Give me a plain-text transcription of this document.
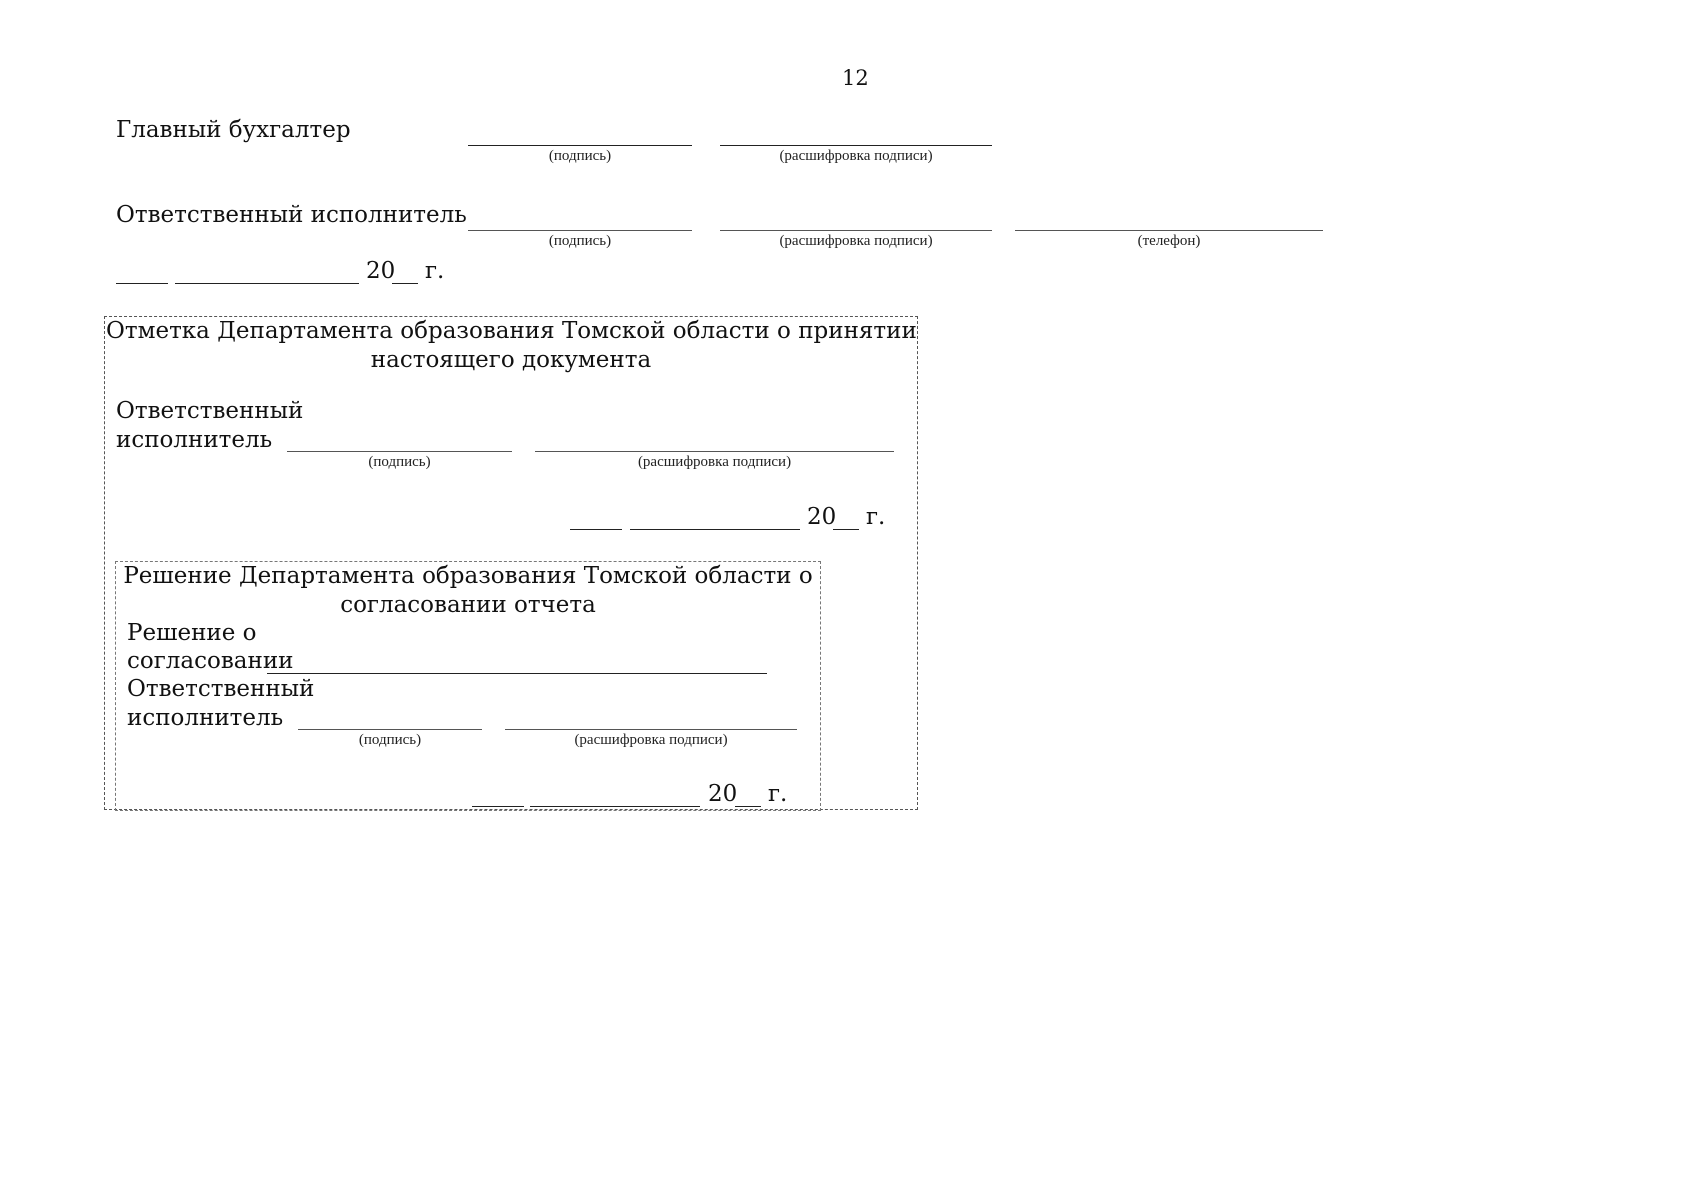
12
Главный бухгалтер
(подпись)	(расшифровка подписи)
Ответственный исполнитель
(подпись)	(расшифровка подписи)	(телефон)
20 г.
Отметка Департамента образования Томской области о принятии
настоящего документа
Ответственный
исполнитель
(подпись)	(расшифровка подписи)
20 г.
Решение Департамента образования Томской области о
согласовании отчета
Решение о
согласовании
Ответственный
исполнитель
(подпись)	(расшифровка подписи)
20 г.
